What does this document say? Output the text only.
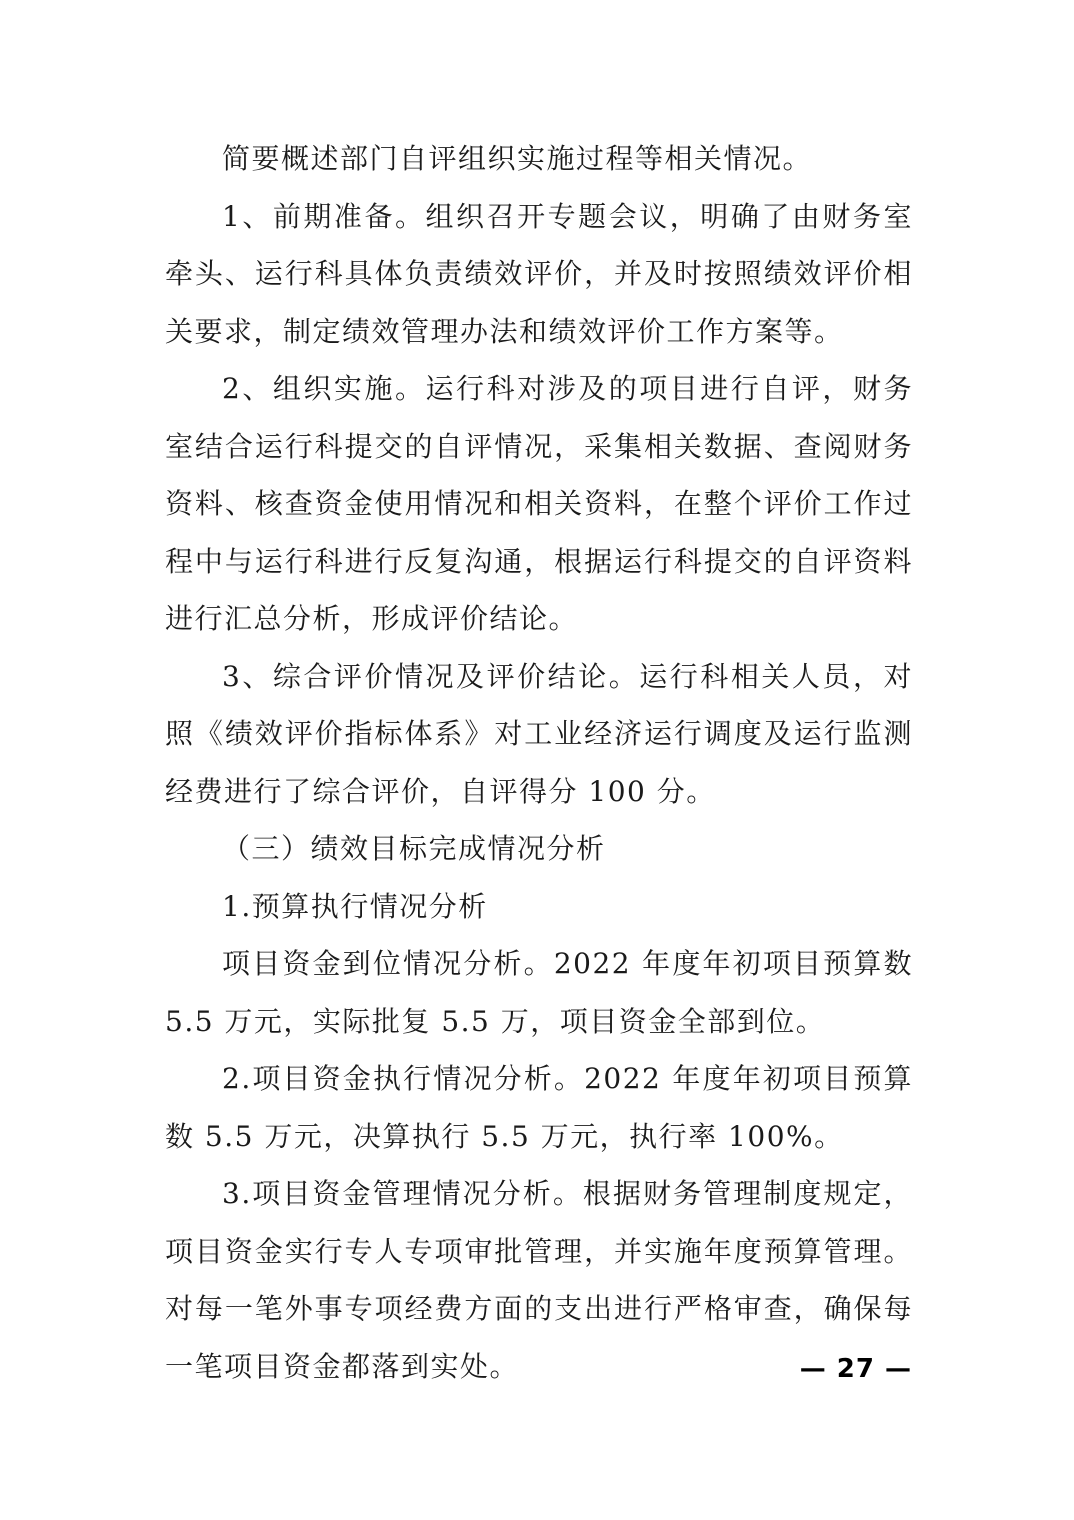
简要概述部门自评组织实施过程等相关情况。

1、前期准备。组织召开专题会议，明确了由财务室牵头、运行科具体负责绩效评价，并及时按照绩效评价相关要求，制定绩效管理办法和绩效评价工作方案等。

2、组织实施。运行科对涉及的项目进行自评，财务室结合运行科提交的自评情况，采集相关数据、查阅财务资料、核查资金使用情况和相关资料，在整个评价工作过程中与运行科进行反复沟通，根据运行科提交的自评资料进行汇总分析，形成评价结论。

3、综合评价情况及评价结论。运行科相关人员，对照《绩效评价指标体系》对工业经济运行调度及运行监测经费进行了综合评价，自评得分 100 分。

（三）绩效目标完成情况分析

1.预算执行情况分析

项目资金到位情况分析。2022 年度年初项目预算数 5.5 万元，实际批复 5.5 万，项目资金全部到位。

2.项目资金执行情况分析。2022 年度年初项目预算数 5.5 万元，决算执行 5.5 万元，执行率 100%。

3.项目资金管理情况分析。根据财务管理制度规定，项目资金实行专人专项审批管理，并实施年度预算管理。对每一笔外事专项经费方面的支出进行严格审查，确保每一笔项目资金都落到实处。	— 27 —
